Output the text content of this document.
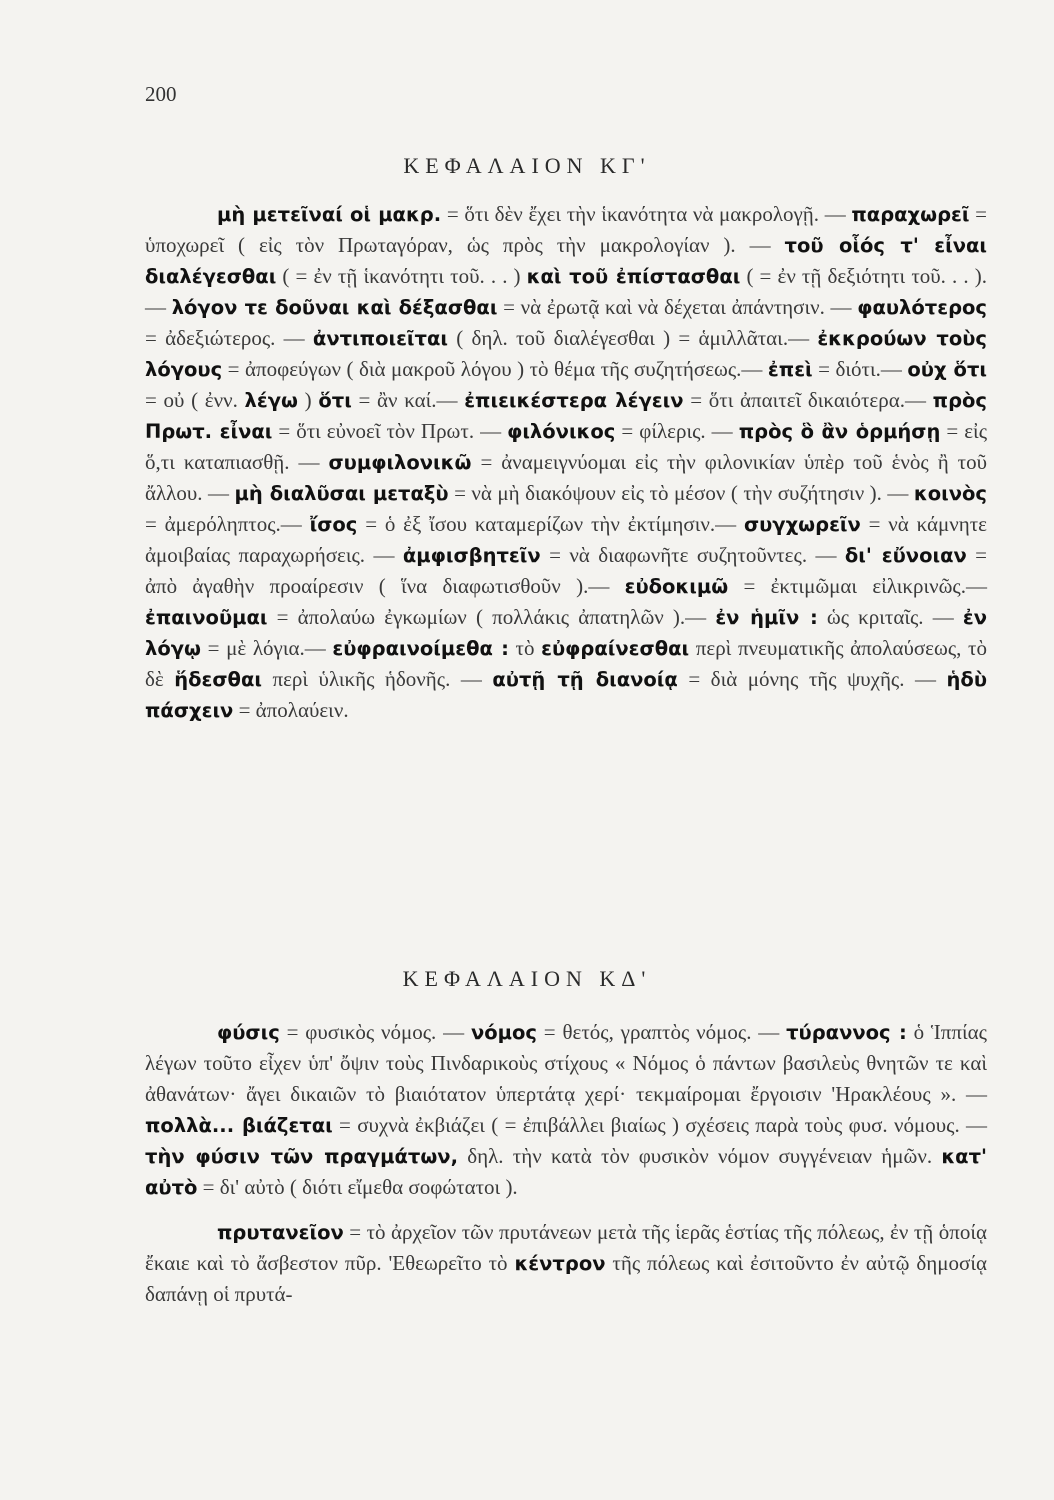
200
ΚΕΦΑΛΑΙΟΝ ΚΓ'

μὴ μετεῖναί οἱ μακρ. = ὅτι δὲν ἔχει τὴν ἱκανότητα νὰ μακρολογῇ. — παραχωρεῖ = ὑποχωρεῖ ( εἰς τὸν Πρωταγόραν, ὡς πρὸς τὴν μακρολογίαν ). — τοῦ οἷός τ' εἶναι διαλέγεσθαι ( = ἐν τῇ ἱκανότητι τοῦ. . . ) καὶ τοῦ ἐπίστασθαι ( = ἐν τῇ δεξιότητι τοῦ. . . ).— λόγον τε δοῦναι καὶ δέξασθαι = νὰ ἐρωτᾷ καὶ νὰ δέχεται ἀπάντησιν. — φαυλότερος = ἀδεξιώτερος. — ἀντιποιεῖται ( δηλ. τοῦ διαλέγεσθαι ) = ἁμιλλᾶται.— ἐκκρούων τοὺς λόγους = ἀποφεύγων ( διὰ μακροῦ λόγου ) τὸ θέμα τῆς συζητήσεως.— ἐπεὶ = διότι.— οὐχ ὅτι = οὐ ( ἐνν. λέγω ) ὅτι = ἂν καί.— ἐπιεικέστερα λέγειν = ὅτι ἀπαιτεῖ δικαιότερα.— πρὸς Πρωτ. εἶναι = ὅτι εὐνοεῖ τὸν Πρωτ. — φιλόνικος = φίλερις. — πρὸς ὃ ἂν ὁρμήσῃ = εἰς ὅ,τι καταπιασθῇ. — συμφιλονικῶ = ἀναμειγνύομαι εἰς τὴν φιλονικίαν ὑπὲρ τοῦ ἑνὸς ἢ τοῦ ἄλλου. — μὴ διαλῦσαι μεταξὺ = νὰ μὴ διακόψουν εἰς τὸ μέσον ( τὴν συζήτησιν ). — κοινὸς = ἀμερόληπτος.— ἴσος = ὁ ἐξ ἴσου καταμερίζων τὴν ἐκτίμησιν.— συγχωρεῖν = νὰ κάμνητε ἀμοιβαίας παραχωρήσεις. — ἀμφισβητεῖν = νὰ διαφωνῆτε συζητοῦντες. — δι' εὔνοιαν = ἀπὸ ἀγαθὴν προαίρεσιν ( ἵνα διαφωτισθοῦν ).— εὐδοκιμῶ = ἐκτιμῶμαι εἰλικρινῶς.— ἐπαινοῦμαι = ἀπολαύω ἐγκωμίων ( πολλάκις ἀπατηλῶν ).— ἐν ἡμῖν : ὡς κριταῖς. — ἐν λόγῳ = μὲ λόγια.— εὐφραινοίμεθα : τὸ εὐφραίνεσθαι περὶ πνευματικῆς ἀπολαύσεως, τὸ δὲ ἥδεσθαι περὶ ὑλικῆς ἡδονῆς. — αὐτῇ τῇ διανοίᾳ = διὰ μόνης τῆς ψυχῆς. — ἡδὺ πάσχειν = ἀπολαύειν.

ΚΕΦΑΛΑΙΟΝ ΚΔ'

φύσις = φυσικὸς νόμος. — νόμος = θετός, γραπτὸς νόμος. — τύραννος : ὁ Ἱππίας λέγων τοῦτο εἶχεν ὑπ' ὄψιν τοὺς Πινδαρικοὺς στίχους « Νόμος ὁ πάντων βασιλεὺς θνητῶν τε καὶ ἀθανάτων· ἄγει δικαιῶν τὸ βιαιότατον ὑπερτάτᾳ χερί· τεκμαίρομαι ἔργοισιν 'Ηρακλέους ». — πολλὰ... βιάζεται = συχνὰ ἐκβιάζει ( = ἐπιβάλλει βιαίως ) σχέσεις παρὰ τοὺς φυσ. νόμους. — τὴν φύσιν τῶν πραγμάτων, δηλ. τὴν κατὰ τὸν φυσικὸν νόμον συγγένειαν ἡμῶν. κατ' αὐτὸ = δι' αὐτὸ ( διότι εἴμεθα σοφώτατοι ).

πρυτανεῖον = τὸ ἀρχεῖον τῶν πρυτάνεων μετὰ τῆς ἱερᾶς ἑστίας τῆς πόλεως, ἐν τῇ ὁποίᾳ ἔκαιε καὶ τὸ ἄσβεστον πῦρ. 'Εθεωρεῖτο τὸ κέντρον τῆς πόλεως καὶ ἐσιτοῦντο ἐν αὐτῷ δημοσίᾳ δαπάνῃ οἱ πρυτά-
